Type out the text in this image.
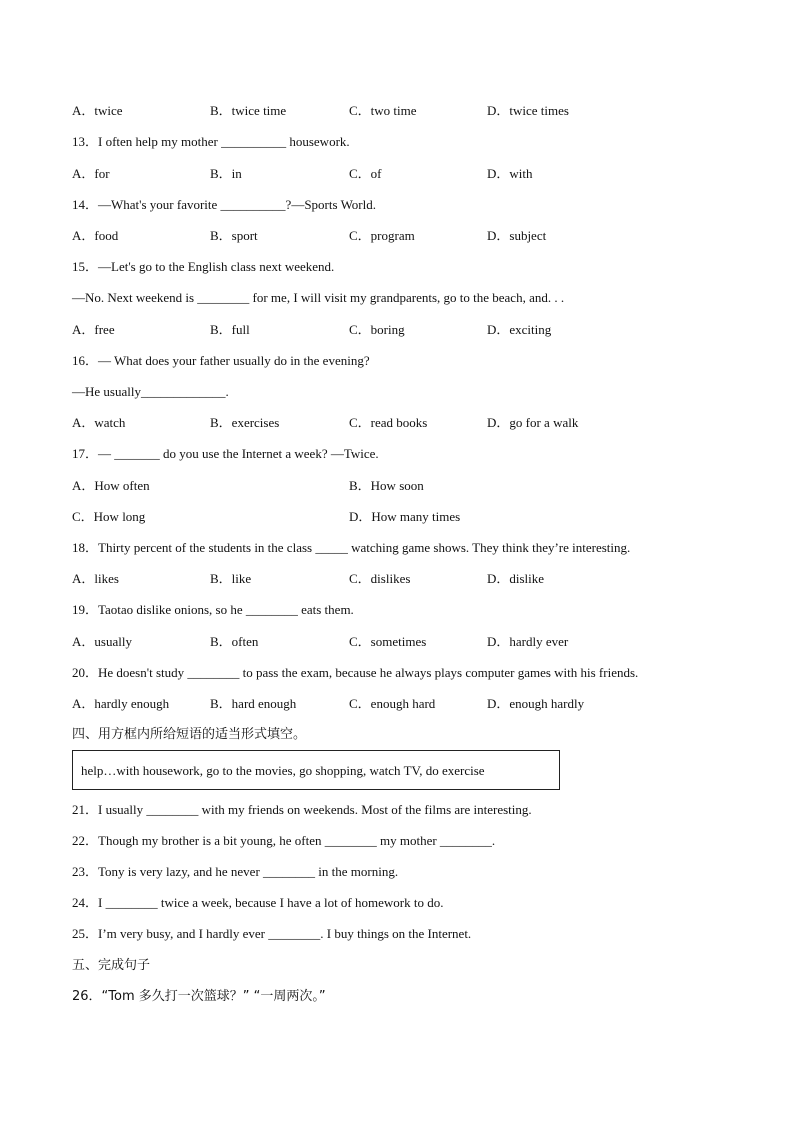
A．twice	B．twice time	C．two time	D．twice times
13．I often help my mother __________ housework.
A．for	B．in	C．of	D．with
14．—What's your favorite __________?—Sports World.
A．food	B．sport	C．program	D．subject
15．—Let's go to the English class next weekend.
—No. Next weekend is ________ for me, I will visit my grandparents, go to the beach, and. . .
A．free	B．full	C．boring	D．exciting
16．— What does your father usually do in the evening?
—He usually_____________.
A．watch	B．exercises	C．read books	D．go for a walk
17．— _______ do you use the Internet a week? —Twice.
A．How often	B．How soon
C．How long	D．How many times
18．Thirty percent of the students in the class _____ watching game shows. They think they’re interesting.
A．likes	B．like	C．dislikes	D．dislike
19．Taotao dislike onions, so he ________ eats them.
A．usually	B．often	C．sometimes	D．hardly ever
20．He doesn't study ________ to pass the exam, because he always plays computer games with his friends.
A．hardly enough	B．hard enough	C．enough hard	D．enough hardly
四、用方框内所给短语的适当形式填空。
help…with housework, go to the movies, go shopping, watch TV, do exercise
21．I usually ________ with my friends on weekends. Most of the films are interesting.
22．Though my brother is a bit young, he often ________ my mother ________.
23．Tony is very lazy, and he never ________ in the morning.
24．I ________ twice a week, because I have a lot of homework to do.
25．I’m very busy, and I hardly ever ________. I buy things on the Internet.
五、完成句子
26．“Tom 多久打一次篮球？” “一周两次。”
